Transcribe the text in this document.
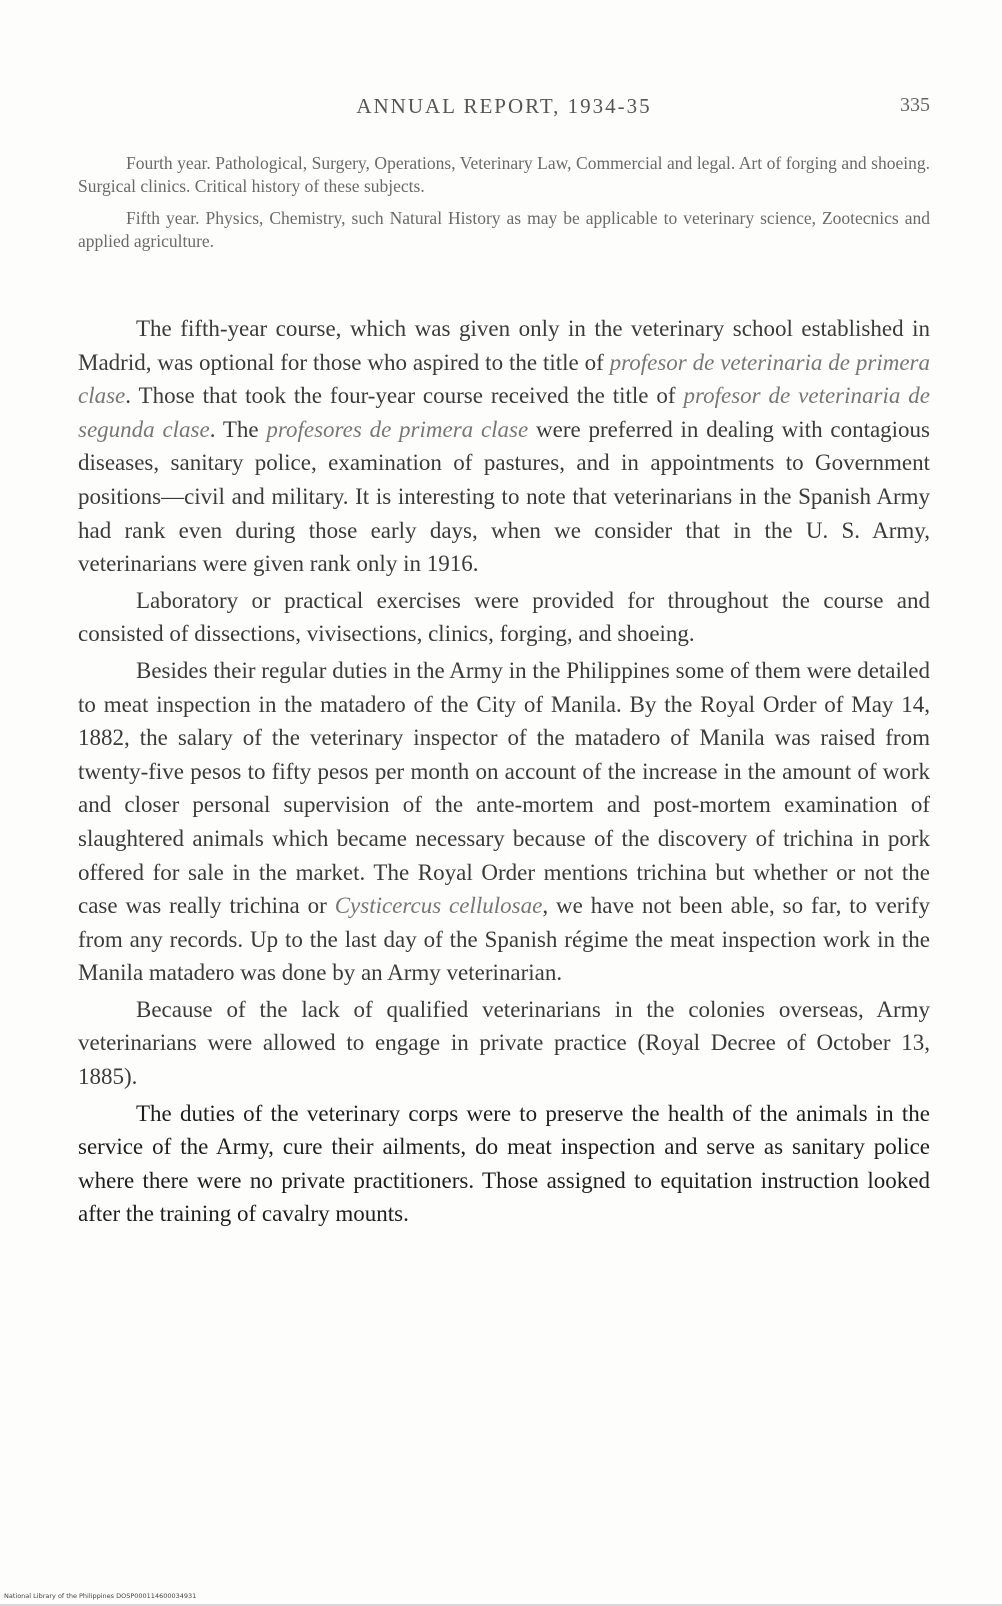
ANNUAL REPORT, 1934-35	335

Fourth year. Pathological, Surgery, Operations, Veterinary Law, Commercial and legal. Art of forging and shoeing. Surgical clinics. Critical history of these subjects.

Fifth year. Physics, Chemistry, such Natural History as may be applicable to veterinary science, Zootecnics and applied agriculture.

The fifth-year course, which was given only in the veterinary school established in Madrid, was optional for those who aspired to the title of profesor de veterinaria de primera clase. Those that took the four-year course received the title of profesor de veterinaria de segunda clase. The profesores de primera clase were preferred in dealing with contagious diseases, sanitary police, examination of pastures, and in appointments to Government positions—civil and military. It is interesting to note that veterinarians in the Spanish Army had rank even during those early days, when we consider that in the U. S. Army, veterinarians were given rank only in 1916.

Laboratory or practical exercises were provided for throughout the course and consisted of dissections, vivisections, clinics, forging, and shoeing.

Besides their regular duties in the Army in the Philippines some of them were detailed to meat inspection in the matadero of the City of Manila. By the Royal Order of May 14, 1882, the salary of the veterinary inspector of the matadero of Manila was raised from twenty-five pesos to fifty pesos per month on account of the increase in the amount of work and closer personal supervision of the ante-mortem and post-mortem examination of slaughtered animals which became necessary because of the discovery of trichina in pork offered for sale in the market. The Royal Order mentions trichina but whether or not the case was really trichina or Cysticercus cellulosae, we have not been able, so far, to verify from any records. Up to the last day of the Spanish régime the meat inspection work in the Manila matadero was done by an Army veterinarian.

Because of the lack of qualified veterinarians in the colonies overseas, Army veterinarians were allowed to engage in private practice (Royal Decree of October 13, 1885).

The duties of the veterinary corps were to preserve the health of the animals in the service of the Army, cure their ailments, do meat inspection and serve as sanitary police where there were no private practitioners. Those assigned to equitation instruction looked after the training of cavalry mounts.

National Library of the Philippines DOSP000114600034931
